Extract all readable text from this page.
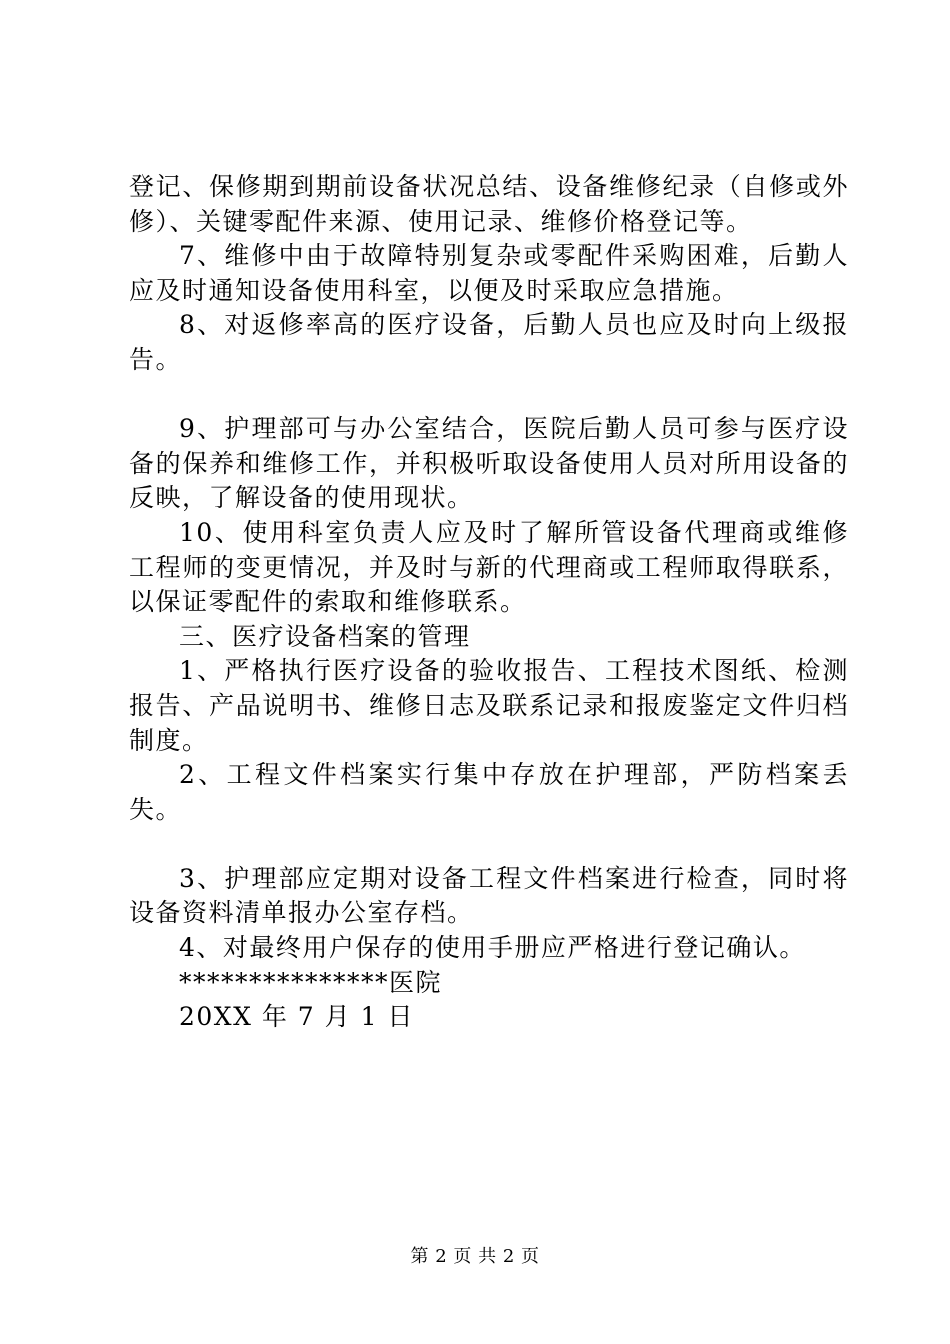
登记、保修期到期前设备状况总结、设备维修纪录（自修或外修）、关键零配件来源、使用记录、维修价格登记等。

7、维修中由于故障特别复杂或零配件采购困难，后勤人应及时通知设备使用科室，以便及时采取应急措施。

8、对返修率高的医疗设备，后勤人员也应及时向上级报告。

9、护理部可与办公室结合，医院后勤人员可参与医疗设备的保养和维修工作，并积极听取设备使用人员对所用设备的反映，了解设备的使用现状。

10、使用科室负责人应及时了解所管设备代理商或维修工程师的变更情况，并及时与新的代理商或工程师取得联系，以保证零配件的索取和维修联系。

三、医疗设备档案的管理

1、严格执行医疗设备的验收报告、工程技术图纸、检测报告、产品说明书、维修日志及联系记录和报废鉴定文件归档制度。

2、工程文件档案实行集中存放在护理部，严防档案丢失。

3、护理部应定期对设备工程文件档案进行检查，同时将设备资料清单报办公室存档。

4、对最终用户保存的使用手册应严格进行登记确认。

***************医院

20XX 年 7 月 1 日

第 2 页 共 2 页
